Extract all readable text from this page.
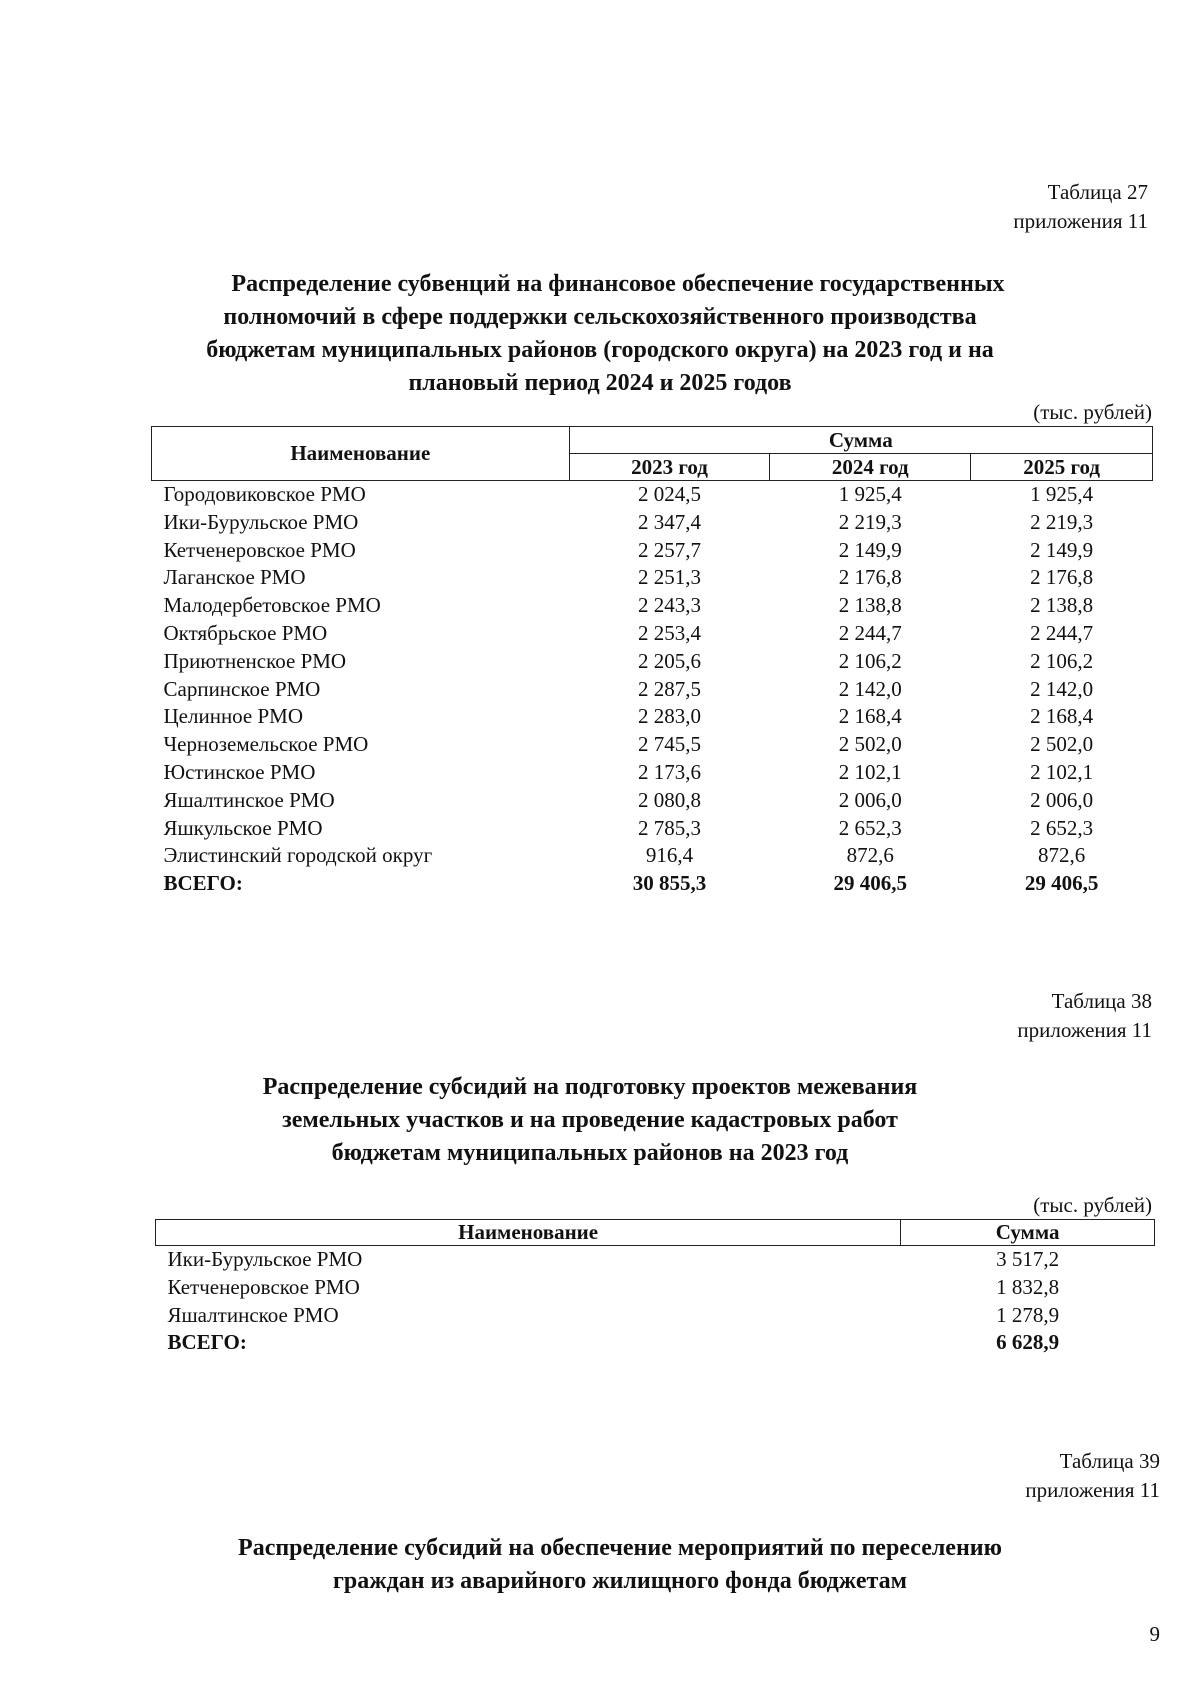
Таблица 27
приложения 11
Распределение субвенций на финансовое обеспечение государственных
полномочий в сфере поддержки сельскохозяйственного производства
бюджетам муниципальных районов (городского округа) на 2023 год и на
плановый период 2024 и 2025 годов
(тыс. рублей)
Наименование	Сумма		
	2023 год	2024 год	2025 год
Городовиковское РМО	2 024,5	1 925,4	1 925,4
Ики-Бурульское РМО	2 347,4	2 219,3	2 219,3
Кетченеровское РМО	2 257,7	2 149,9	2 149,9
Лаганское РМО	2 251,3	2 176,8	2 176,8
Малодербетовское РМО	2 243,3	2 138,8	2 138,8
Октябрьское РМО	2 253,4	2 244,7	2 244,7
Приютненское РМО	2 205,6	2 106,2	2 106,2
Сарпинское РМО	2 287,5	2 142,0	2 142,0
Целинное РМО	2 283,0	2 168,4	2 168,4
Черноземельское РМО	2 745,5	2 502,0	2 502,0
Юстинское РМО	2 173,6	2 102,1	2 102,1
Яшалтинское РМО	2 080,8	2 006,0	2 006,0
Яшкульское РМО	2 785,3	2 652,3	2 652,3
Элистинский городской округ	916,4	872,6	872,6
ВСЕГО:	30 855,3	29 406,5	29 406,5
Таблица 38
приложения 11
Распределение субсидий на подготовку проектов межевания
земельных участков и на проведение кадастровых работ
бюджетам муниципальных районов на 2023 год
(тыс. рублей)
Наименование	Сумма
Ики-Бурульское РМО	3 517,2
Кетченеровское РМО	1 832,8
Яшалтинское РМО	1 278,9
ВСЕГО:	6 628,9
Таблица 39
приложения 11
Распределение субсидий на обеспечение мероприятий по переселению
граждан из аварийного жилищного фонда бюджетам
9
